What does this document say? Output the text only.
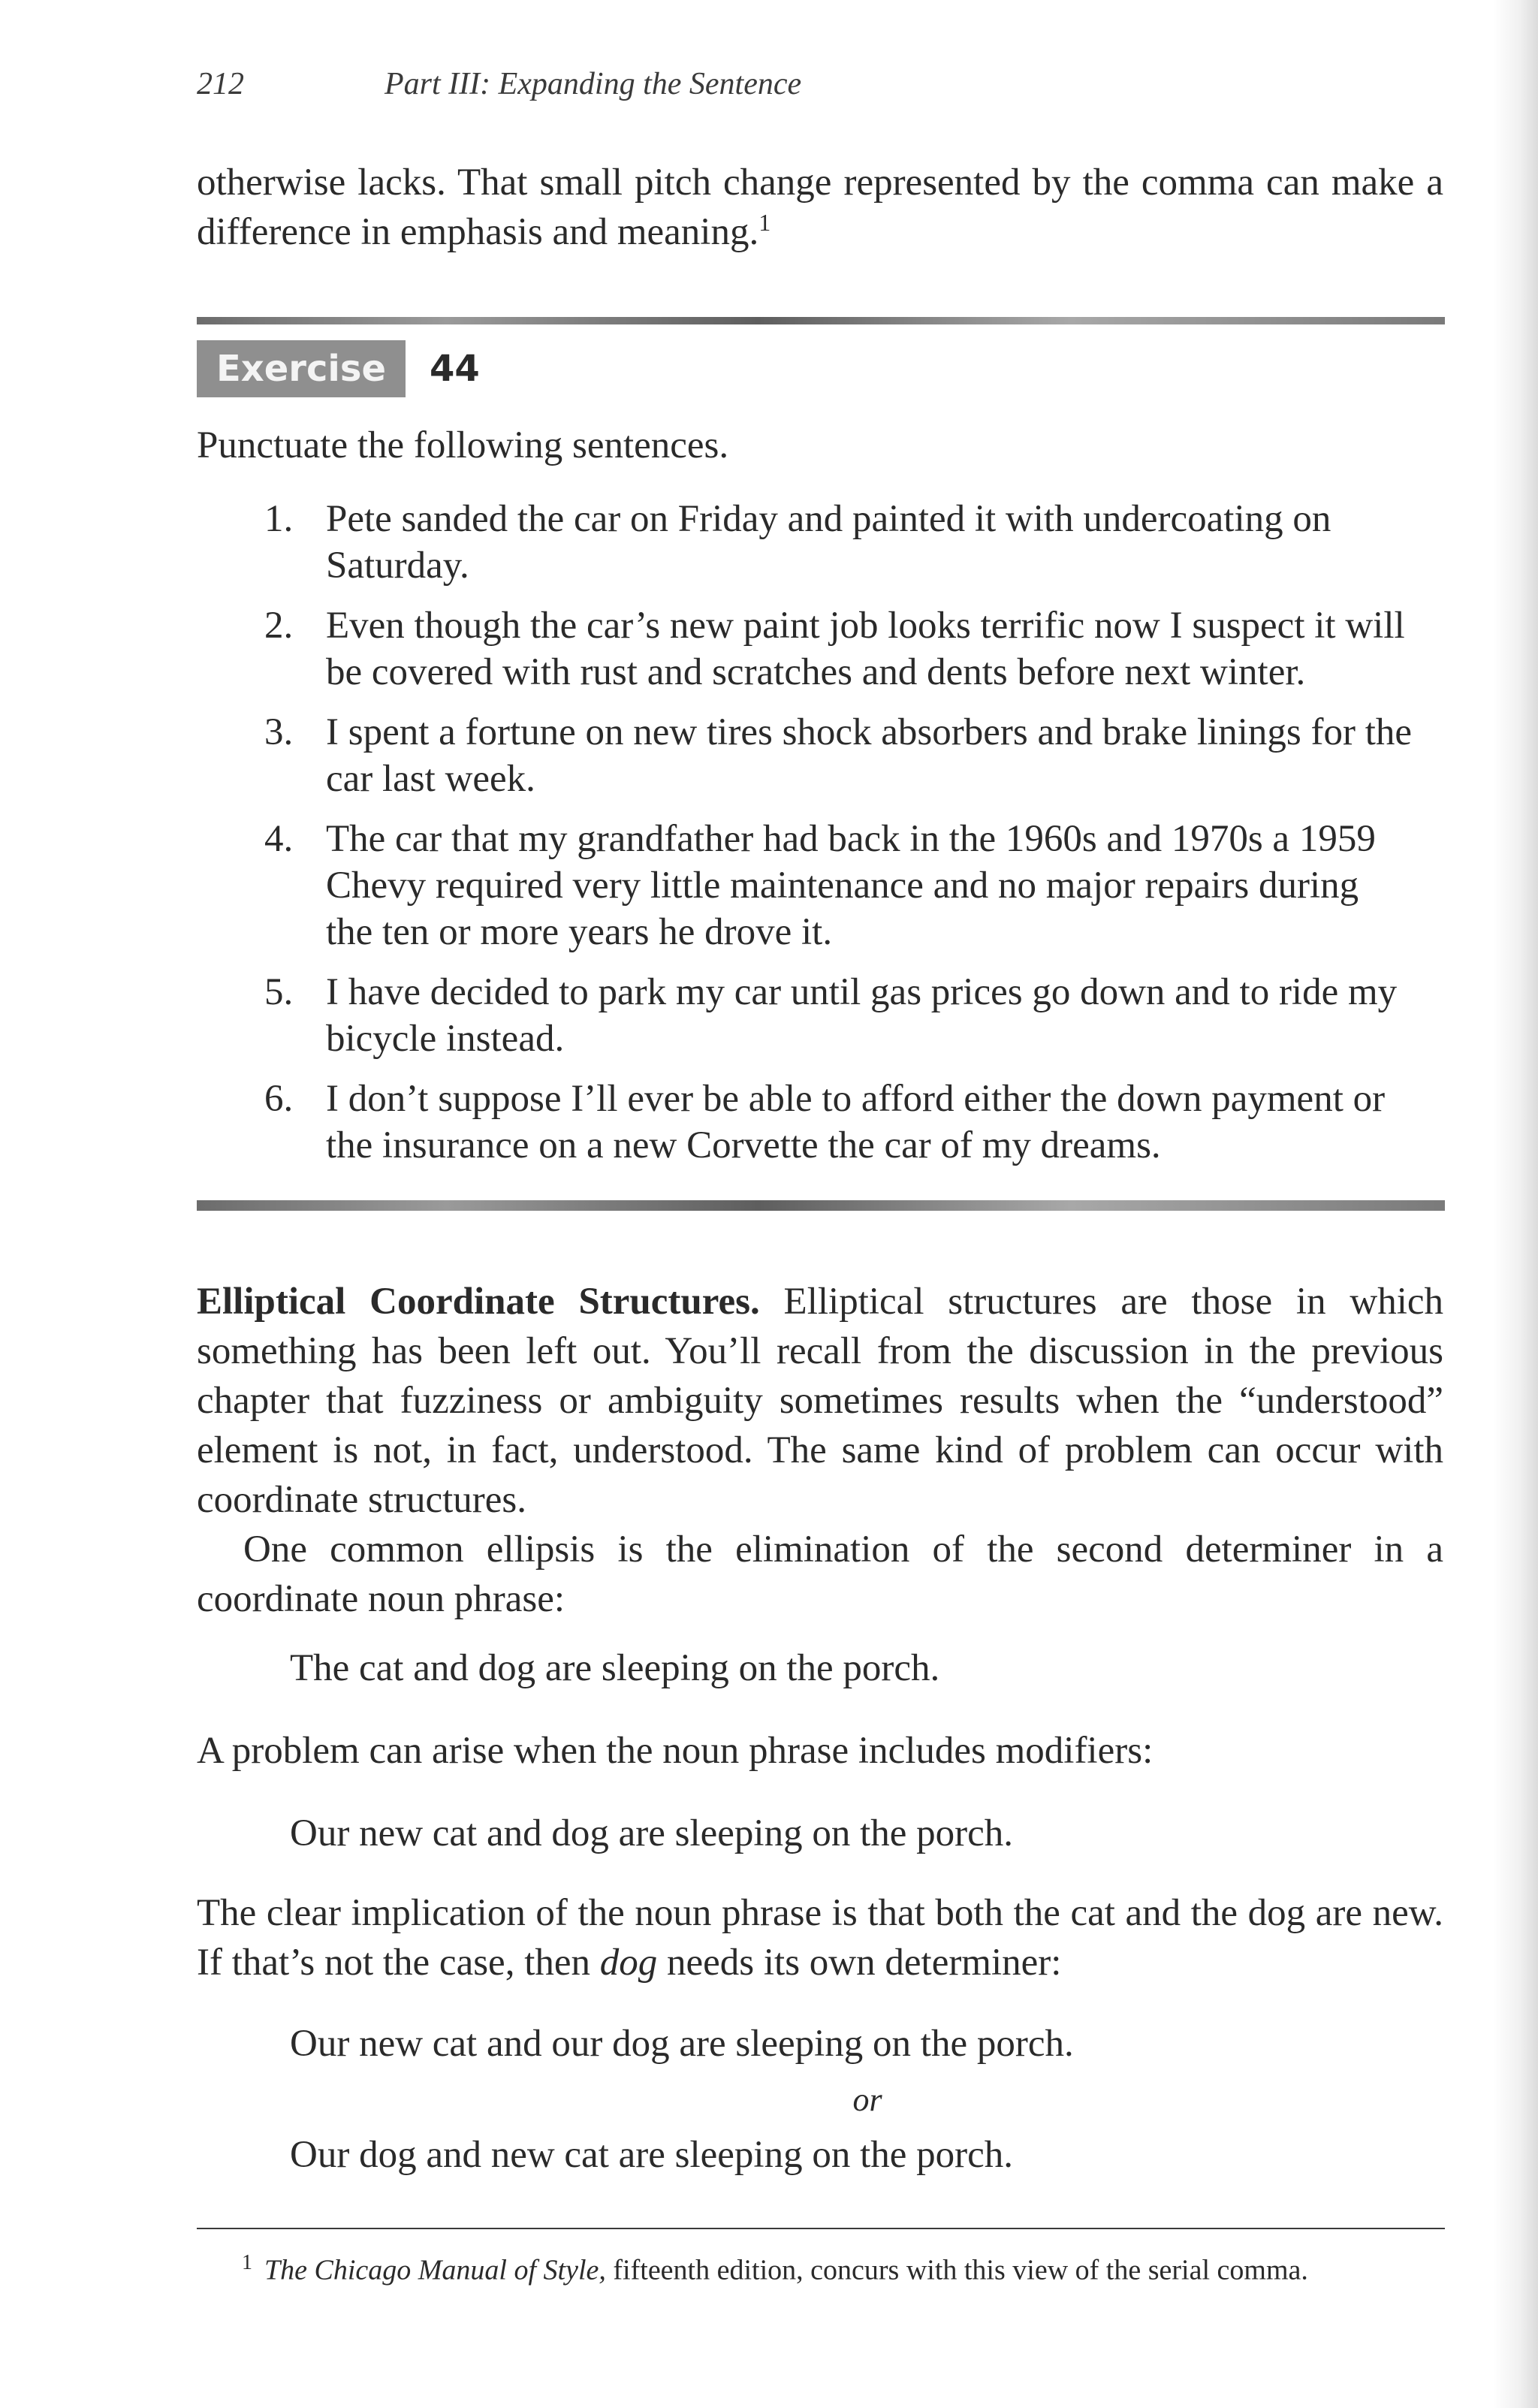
212	Part III: Expanding the Sentence

otherwise lacks. That small pitch change represented by the comma can make a difference in emphasis and meaning.$^1$

Exercise	44

Punctuate the following sentences.

1. Pete sanded the car on Friday and painted it with undercoating on Saturday.
2. Even though the car’s new paint job looks terrific now I suspect it will be covered with rust and scratches and dents before next winter.
3. I spent a fortune on new tires shock absorbers and brake linings for the car last week.
4. The car that my grandfather had back in the 1960s and 1970s a 1959 Chevy required very little maintenance and no major repairs during the ten or more years he drove it.
5. I have decided to park my car until gas prices go down and to ride my bicycle instead.
6. I don’t suppose I’ll ever be able to afford either the down payment or the insurance on a new Corvette the car of my dreams.

Elliptical Coordinate Structures. Elliptical structures are those in which something has been left out. You’ll recall from the discussion in the previous chapter that fuzziness or ambiguity sometimes results when the “understood” element is not, in fact, understood. The same kind of problem can occur with coordinate structures.

One common ellipsis is the elimination of the second determiner in a coordinate noun phrase:

The cat and dog are sleeping on the porch.

A problem can arise when the noun phrase includes modifiers:

Our new cat and dog are sleeping on the porch.

The clear implication of the noun phrase is that both the cat and the dog are new. If that’s not the case, then dog needs its own determiner:

Our new cat and our dog are sleeping on the porch.
or
Our dog and new cat are sleeping on the porch.
$^1$ The Chicago Manual of Style, fifteenth edition, concurs with this view of the serial comma.
